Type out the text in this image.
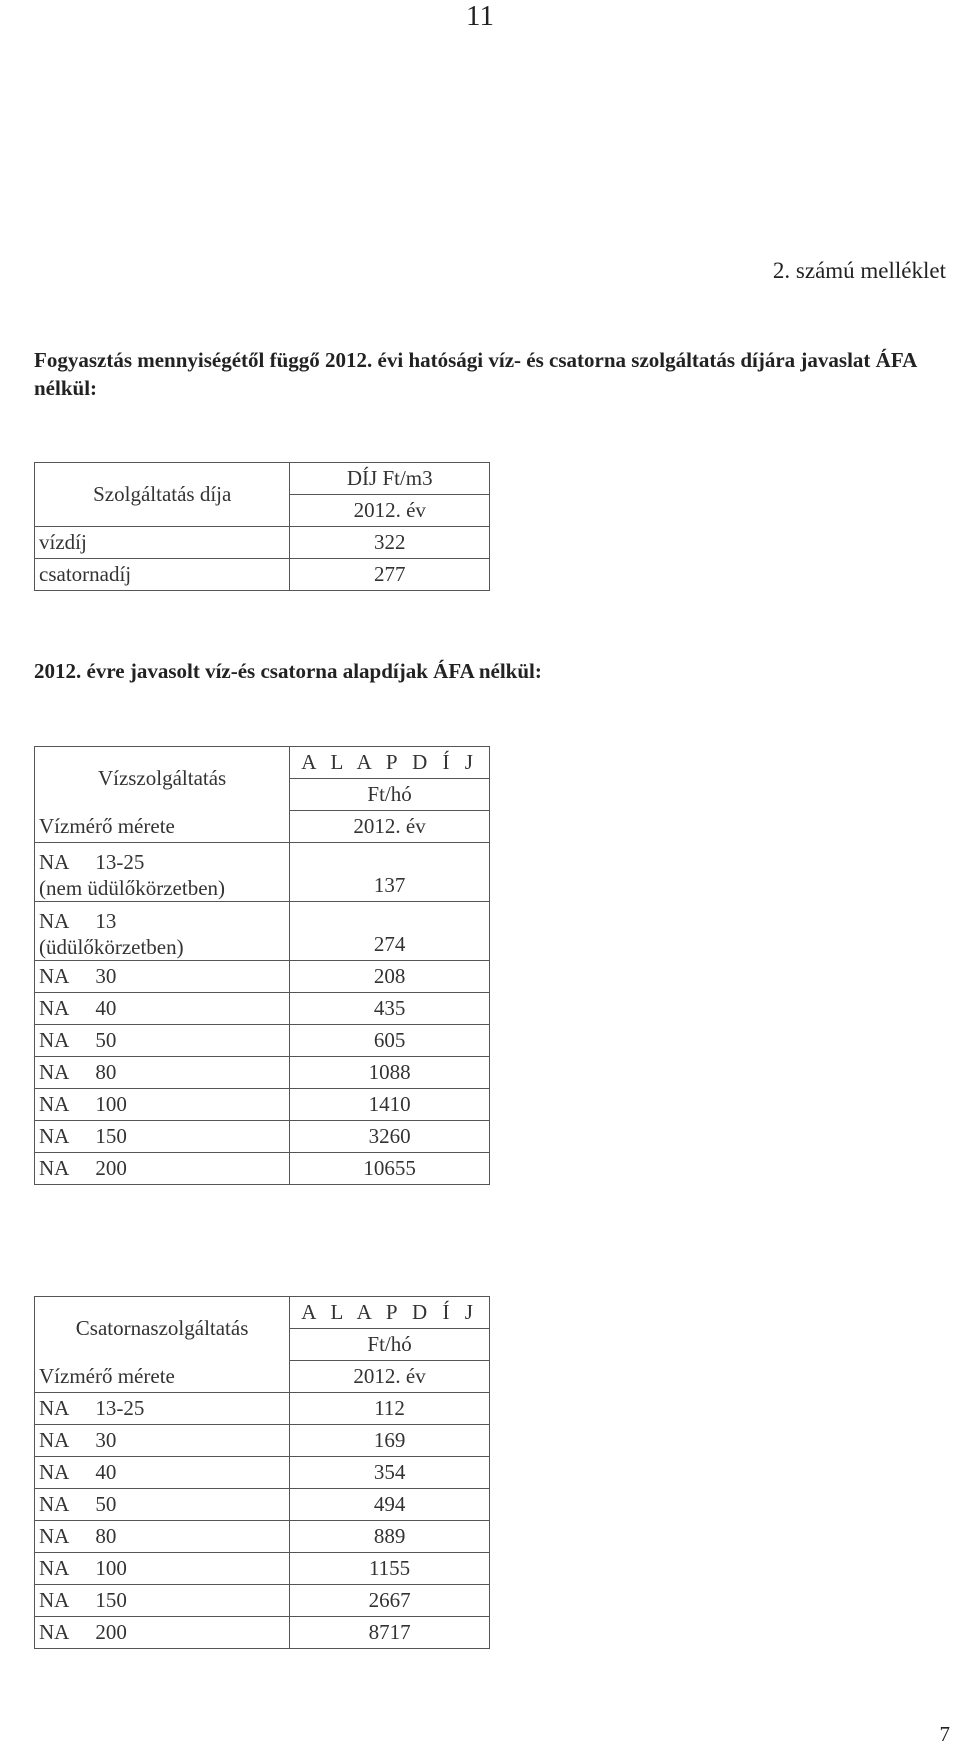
11
2. számú melléklet
Fogyasztás mennyiségétől függő 2012. évi hatósági víz- és csatorna szolgáltatás díjára javaslat ÁFA nélkül:
Szolgáltatás díja	DÍJ Ft/m3
	2012. év
vízdíj	322
csatornadíj	277
2012. évre javasolt víz-és csatorna alapdíjak ÁFA nélkül:
Vízszolgáltatás	A L A P D Í J
	Ft/hó
Vízmérő mérete	2012. év
NA 13-25
(nem üdülőkörzetben)	137
NA 13
(üdülőkörzetben)	274
NA 30	208
NA 40	435
NA 50	605
NA 80	1088
NA 100	1410
NA 150	3260
NA 200	10655
Csatornaszolgáltatás	A L A P D Í J
	Ft/hó
Vízmérő mérete	2012. év
NA 13-25	112
NA 30	169
NA 40	354
NA 50	494
NA 80	889
NA 100	1155
NA 150	2667
NA 200	8717
7
